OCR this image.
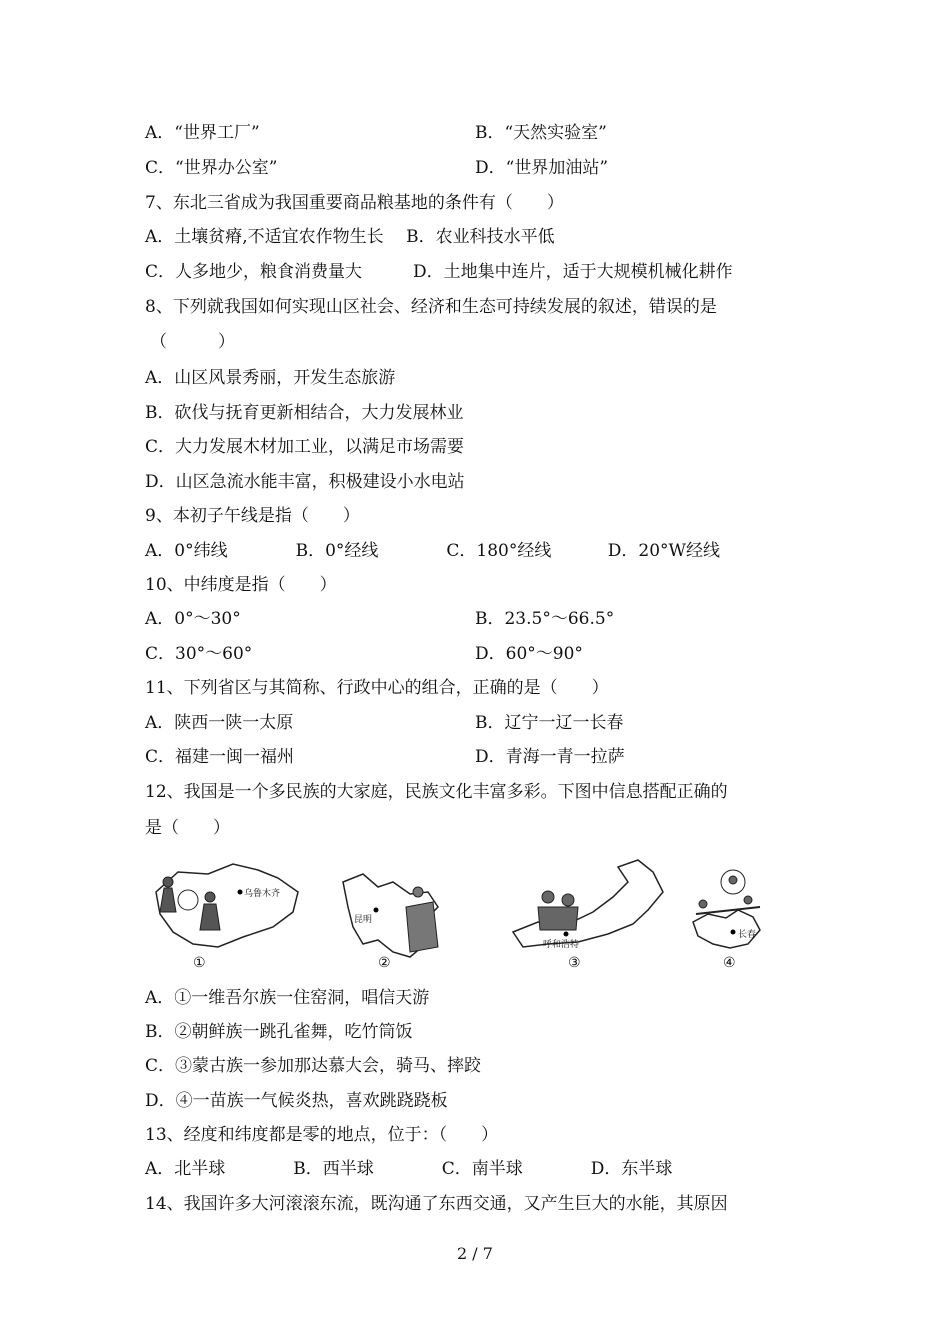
A．“世界工厂”	B．“天然实验室”
C．“世界办公室”	D．“世界加油站”
7、东北三省成为我国重要商品粮基地的条件有（　　）
A．土壤贫瘠,不适宜农作物生长　 B．农业科技水平低
C．人多地少，粮食消费量大　　　D．土地集中连片，适于大规模机械化耕作
8、下列就我国如何实现山区社会、经济和生态可持续发展的叙述，错误的是
（　　　）
A．山区风景秀丽，开发生态旅游
B．砍伐与抚育更新相结合，大力发展林业
C．大力发展木材加工业，以满足市场需要
D．山区急流水能丰富，积极建设小水电站
9、本初子午线是指（　　）
A．0°纬线　　　　B．0°经线　　　　C．180°经线　　　 D．20°W经线
10、中纬度是指（　　）
A．0°～30°	B．23.5°～66.5°
C．30°～60°	D．60°～90°
11、下列省区与其简称、行政中心的组合，正确的是（　　）
A．陕西一陕一太原	B．辽宁一辽一长春
C．福建一闽一福州	D．青海一青一拉萨
12、我国是一个多民族的大家庭，民族文化丰富多彩。下图中信息搭配正确的
是（　　）
乌鲁木齐
昆明
呼和浩特
长春
①	②	③	④
A．①一维吾尔族一住窑洞，唱信天游
B．②朝鲜族一跳孔雀舞，吃竹筒饭
C．③蒙古族一参加那达慕大会，骑马、摔跤
D．④一苗族一气候炎热，喜欢跳跷跷板
13、经度和纬度都是零的地点，位于：（　　）
A．北半球　　　　B．西半球　　　　C．南半球　　　　D．东半球
14、我国许多大河滚滚东流，既沟通了东西交通，又产生巨大的水能，其原因
2 / 7
